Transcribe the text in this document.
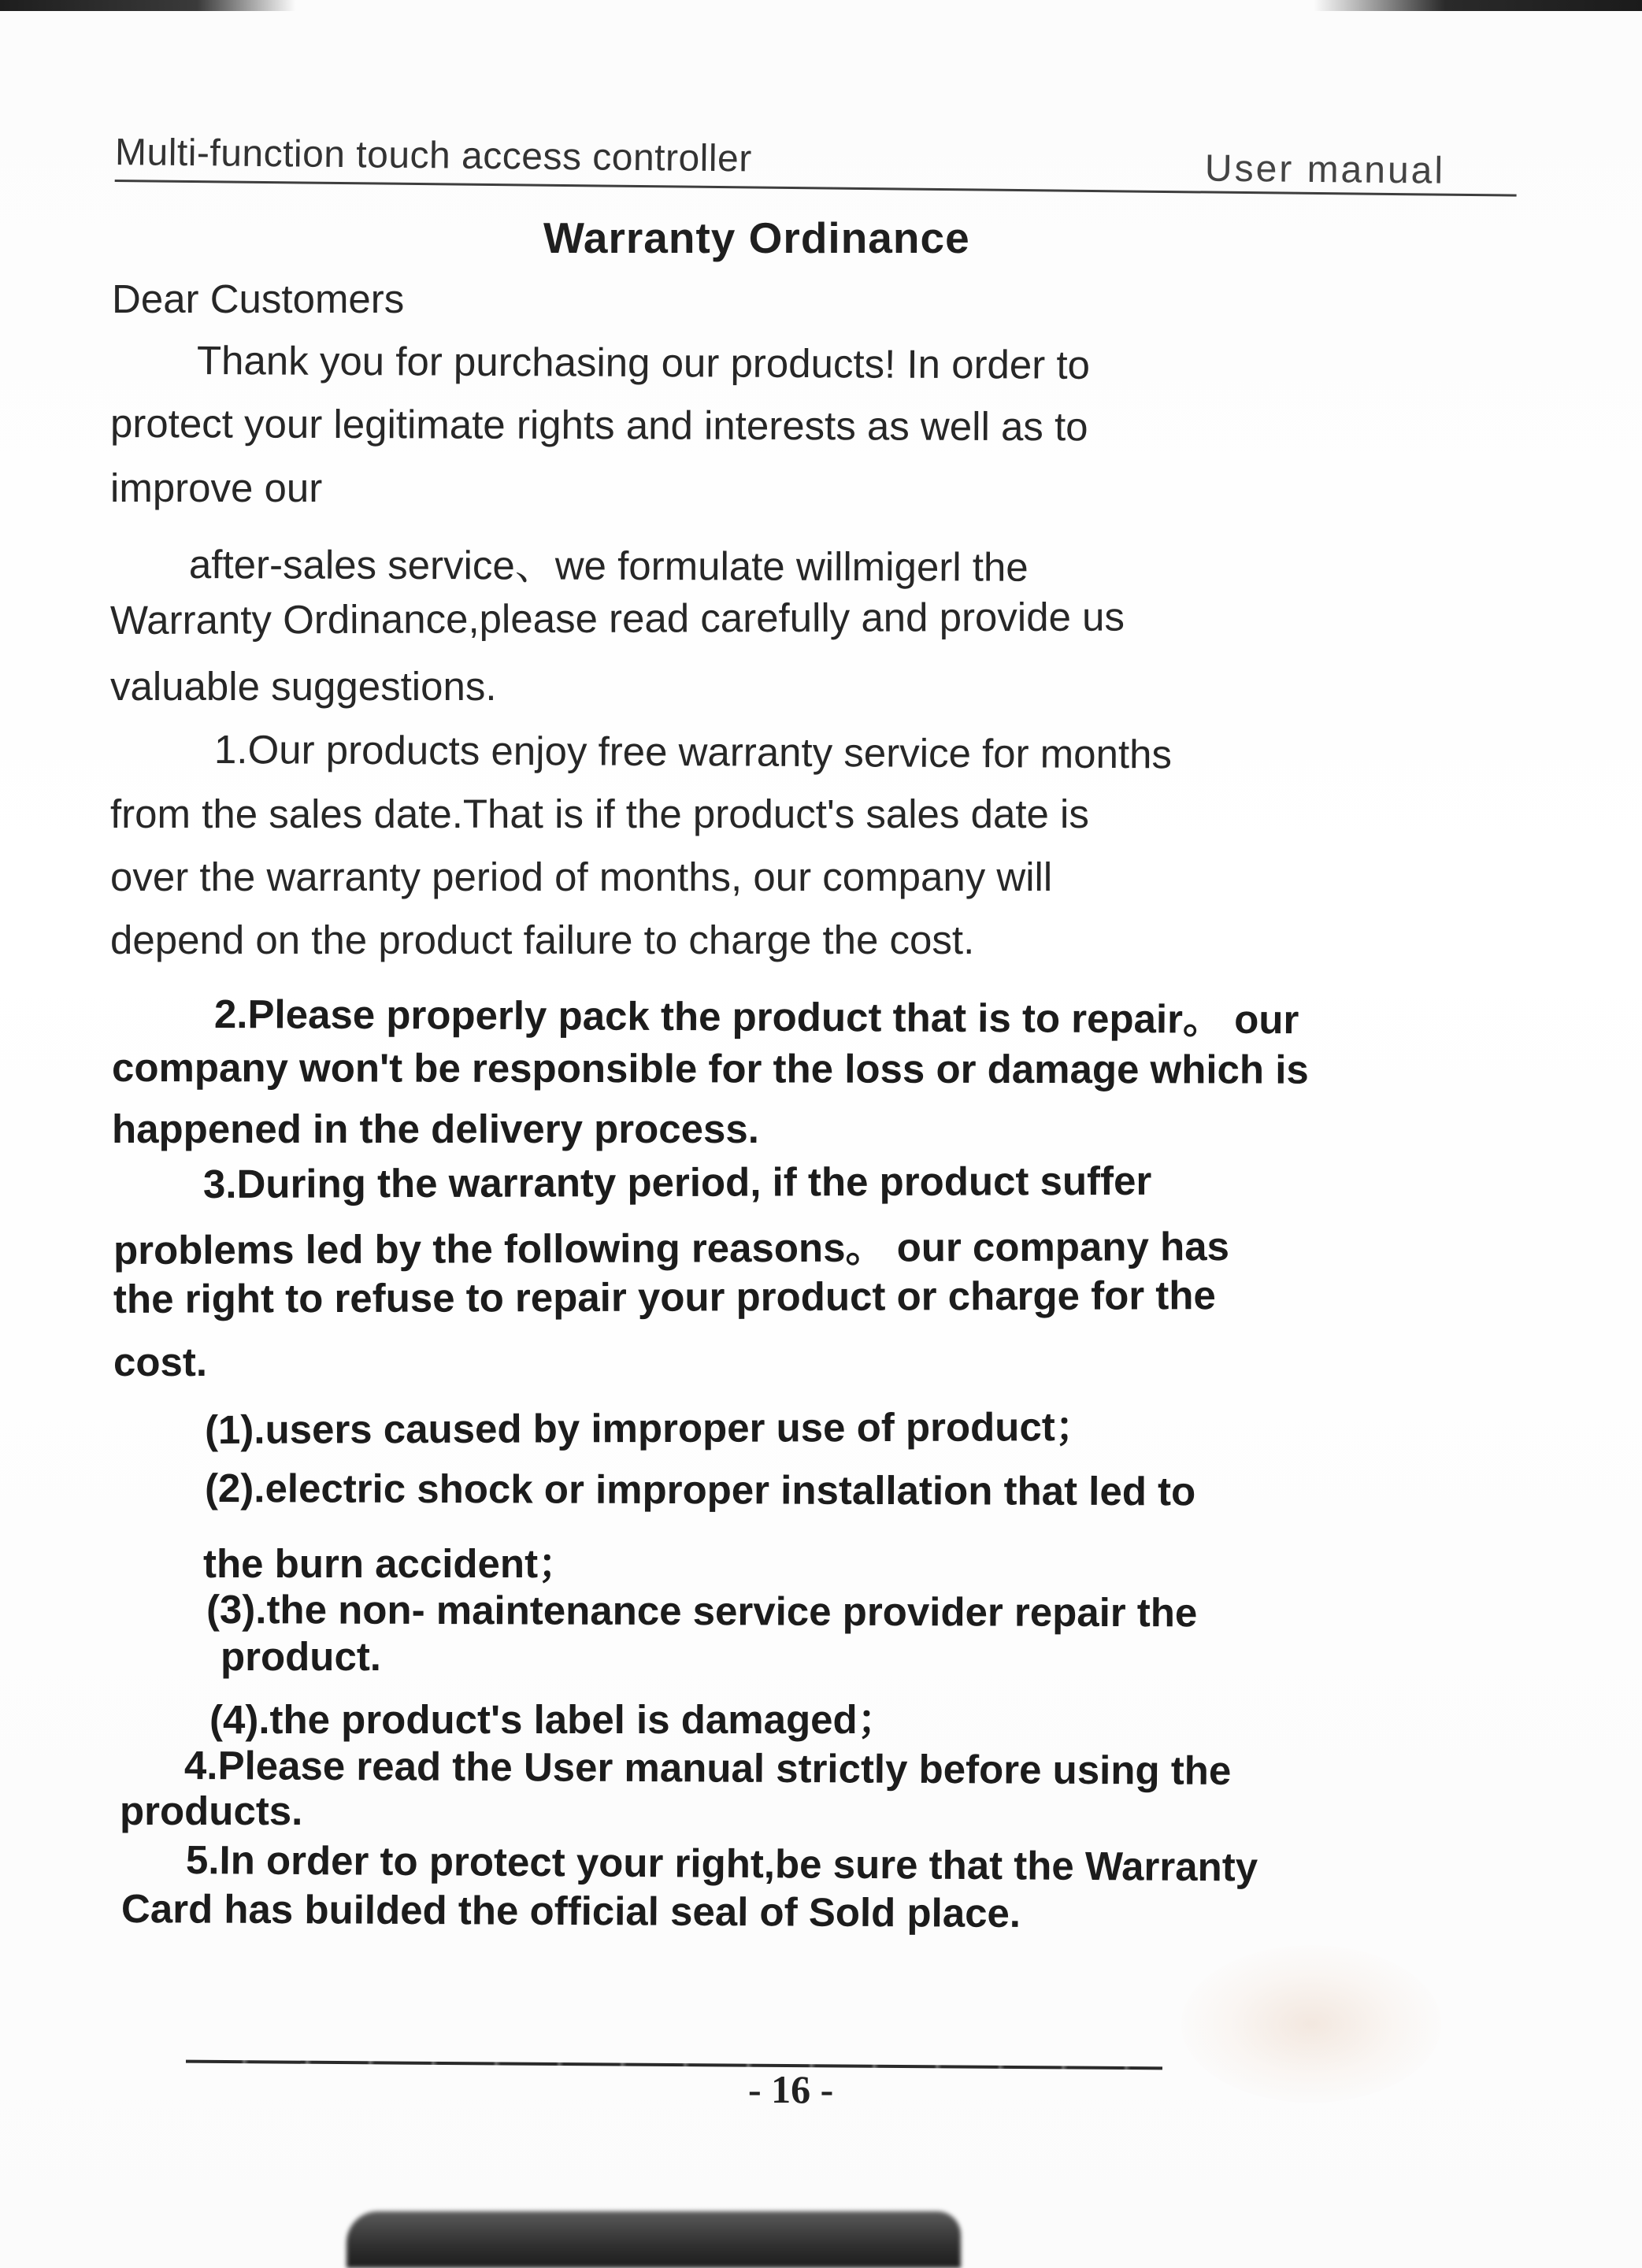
Multi-function touch access controller	User manual
Warranty Ordinance
Dear Customers
Thank you for purchasing our products! In order to
protect your legitimate rights and interests as well as to
improve our
after-sales service、we formulate willmigerl the
Warranty Ordinance,please read carefully and provide us
valuable suggestions.
1.Our products enjoy free warranty service for months
from the sales date.That is if the product's sales date is
over the warranty period of months, our company will
depend on the product failure to charge the cost.
2.Please properly pack the product that is to repair。 our
company won't be responsible for the loss or damage which is
happened in the delivery process.
3.During the warranty period, if the product suffer
problems led by the following reasons。 our company has
the right to refuse to repair your product or charge for the
cost.
(1).users caused by improper use of product；
(2).electric shock or improper installation that led to
the burn accident；
(3).the non- maintenance service provider repair the
product.
(4).the product's label is damaged；
4.Please read the User manual strictly before using the
products.
5.In order to protect your right,be sure that the Warranty
Card has builded the official seal of Sold place.
- 16 -
